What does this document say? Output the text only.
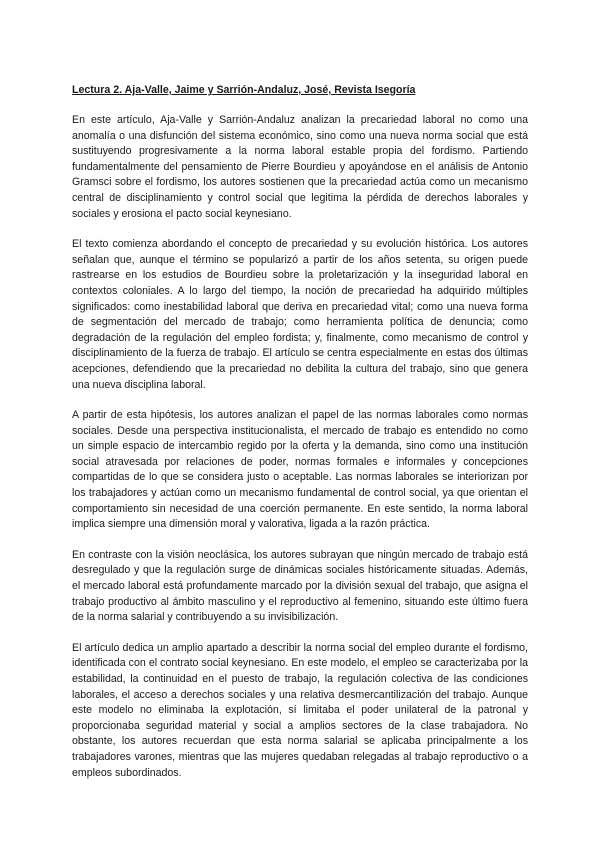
Lectura 2. Aja-Valle, Jaime y Sarrión-Andaluz, José, Revista Isegoría

En este artículo, Aja-Valle y Sarrión-Andaluz analizan la precariedad laboral no como una anomalía o una disfunción del sistema económico, sino como una nueva norma social que está sustituyendo progresivamente a la norma laboral estable propia del fordismo. Partiendo fundamentalmente del pensamiento de Pierre Bourdieu y apoyándose en el análisis de Antonio Gramsci sobre el fordismo, los autores sostienen que la precariedad actúa como un mecanismo central de disciplinamiento y control social que legitima la pérdida de derechos laborales y sociales y erosiona el pacto social keynesiano.

El texto comienza abordando el concepto de precariedad y su evolución histórica. Los autores señalan que, aunque el término se popularizó a partir de los años setenta, su origen puede rastrearse en los estudios de Bourdieu sobre la proletarización y la inseguridad laboral en contextos coloniales. A lo largo del tiempo, la noción de precariedad ha adquirido múltiples significados: como inestabilidad laboral que deriva en precariedad vital; como una nueva forma de segmentación del mercado de trabajo; como herramienta política de denuncia; como degradación de la regulación del empleo fordista; y, finalmente, como mecanismo de control y disciplinamiento de la fuerza de trabajo. El artículo se centra especialmente en estas dos últimas acepciones, defendiendo que la precariedad no debilita la cultura del trabajo, sino que genera una nueva disciplina laboral.

A partir de esta hipótesis, los autores analizan el papel de las normas laborales como normas sociales. Desde una perspectiva institucionalista, el mercado de trabajo es entendido no como un simple espacio de intercambio regido por la oferta y la demanda, sino como una institución social atravesada por relaciones de poder, normas formales e informales y concepciones compartidas de lo que se considera justo o aceptable. Las normas laborales se interiorizan por los trabajadores y actúan como un mecanismo fundamental de control social, ya que orientan el comportamiento sin necesidad de una coerción permanente. En este sentido, la norma laboral implica siempre una dimensión moral y valorativa, ligada a la razón práctica.

En contraste con la visión neoclásica, los autores subrayan que ningún mercado de trabajo está desregulado y que la regulación surge de dinámicas sociales históricamente situadas. Además, el mercado laboral está profundamente marcado por la división sexual del trabajo, que asigna el trabajo productivo al ámbito masculino y el reproductivo al femenino, situando este último fuera de la norma salarial y contribuyendo a su invisibilización.

El artículo dedica un amplio apartado a describir la norma social del empleo durante el fordismo, identificada con el contrato social keynesiano. En este modelo, el empleo se caracterizaba por la estabilidad, la continuidad en el puesto de trabajo, la regulación colectiva de las condiciones laborales, el acceso a derechos sociales y una relativa desmercantilización del trabajo. Aunque este modelo no eliminaba la explotación, sí limitaba el poder unilateral de la patronal y proporcionaba seguridad material y social a amplios sectores de la clase trabajadora. No obstante, los autores recuerdan que esta norma salarial se aplicaba principalmente a los trabajadores varones, mientras que las mujeres quedaban relegadas al trabajo reproductivo o a empleos subordinados.
